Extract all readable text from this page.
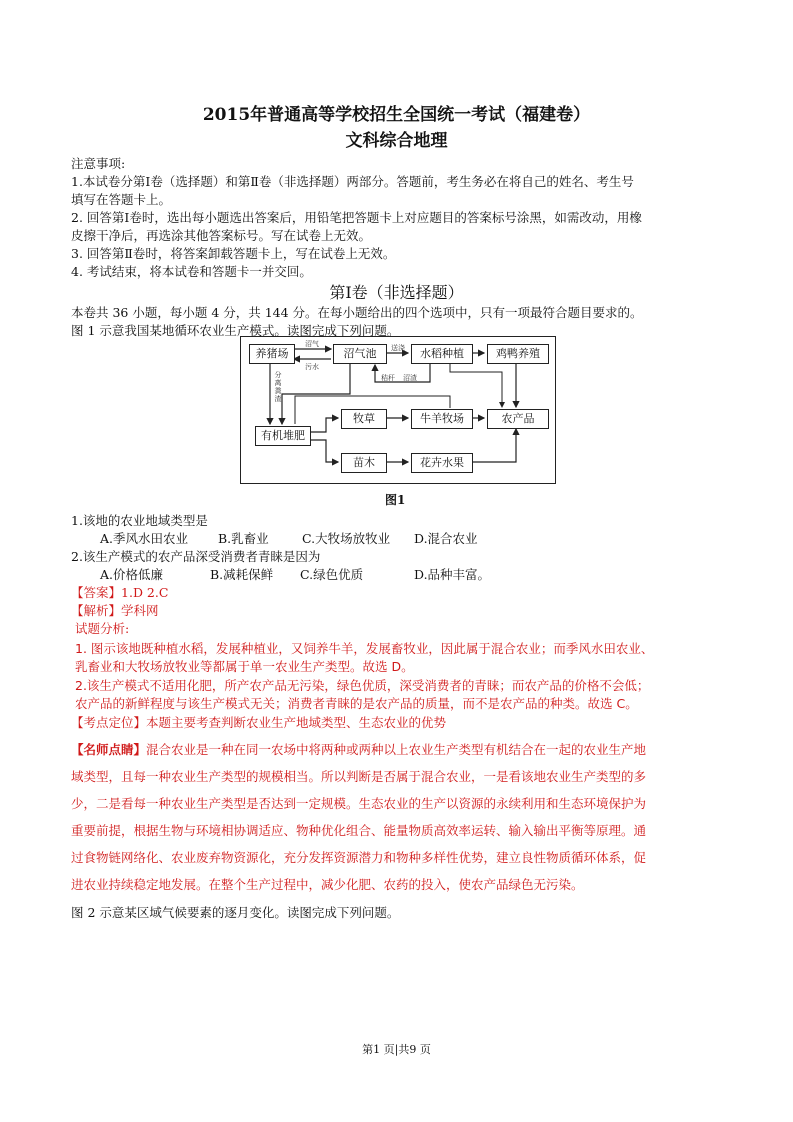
2015年普通高等学校招生全国统一考试（福建卷）
文科综合地理
注意事项:
1.本试卷分第Ⅰ卷（选择题）和第Ⅱ卷（非选择题）两部分。答题前，考生务必在将自己的姓名、考生号
填写在答题卡上。
2. 回答第Ⅰ卷时，选出每小题选出答案后，用铅笔把答题卡上对应题目的答案标号涂黑，如需改动，用橡
皮擦干净后，再选涂其他答案标号。写在试卷上无效。
3. 回答第Ⅱ卷时，将答案卸载答题卡上，写在试卷上无效。
4. 考试结束，将本试卷和答题卡一并交回。
第Ⅰ卷（非选择题）
本卷共 36 小题，每小题 4 分，共 144 分。在每小题给出的四个选项中，只有一项最符合题目要求的。
图 1 示意我国某地循环农业生产模式。读图完成下列问题。
养猪场	沼气池	水稻种植	鸡鸭养殖
牧草	牛羊牧场	农产品
有机堆肥
苗木	花卉水果
沼气
污水
送浇
秸秆 沼渣
分离粪渣
图1
1.该地的农业地域类型是
A.季风水田农业 B.乳畜业	C.大牧场放牧业 D.混合农业
2.该生产模式的农产品深受消费者青睐是因为
A.价格低廉	B.减耗保鲜 C.绿色优质	D.品种丰富。
【答案】1.D 2.C
【解析】学科网
试题分析:
1. 图示该地既种植水稻，发展种植业，又饲养牛羊，发展畜牧业，因此属于混合农业；而季风水田农业、
乳畜业和大牧场放牧业等都属于单一农业生产类型。故选 D。
2.该生产模式不适用化肥，所产农产品无污染，绿色优质，深受消费者的青睐；而农产品的价格不会低；
农产品的新鲜程度与该生产模式无关；消费者青睐的是农产品的质量，而不是农产品的种类。故选 C。
【考点定位】本题主要考查判断农业生产地域类型、生态农业的优势
【名师点睛】混合农业是一种在同一农场中将两种或两种以上农业生产类型有机结合在一起的农业生产地
域类型，且每一种农业生产类型的规模相当。所以判断是否属于混合农业，一是看该地农业生产类型的多
少，二是看每一种农业生产类型是否达到一定规模。生态农业的生产以资源的永续利用和生态环境保护为
重要前提，根据生物与环境相协调适应、物种优化组合、能量物质高效率运转、输入输出平衡等原理。通
过食物链网络化、农业废弃物资源化，充分发挥资源潜力和物种多样性优势，建立良性物质循环体系，促
进农业持续稳定地发展。在整个生产过程中，减少化肥、农药的投入，使农产品绿色无污染。
图 2 示意某区域气候要素的逐月变化。读图完成下列问题。
第1 页|共9 页
